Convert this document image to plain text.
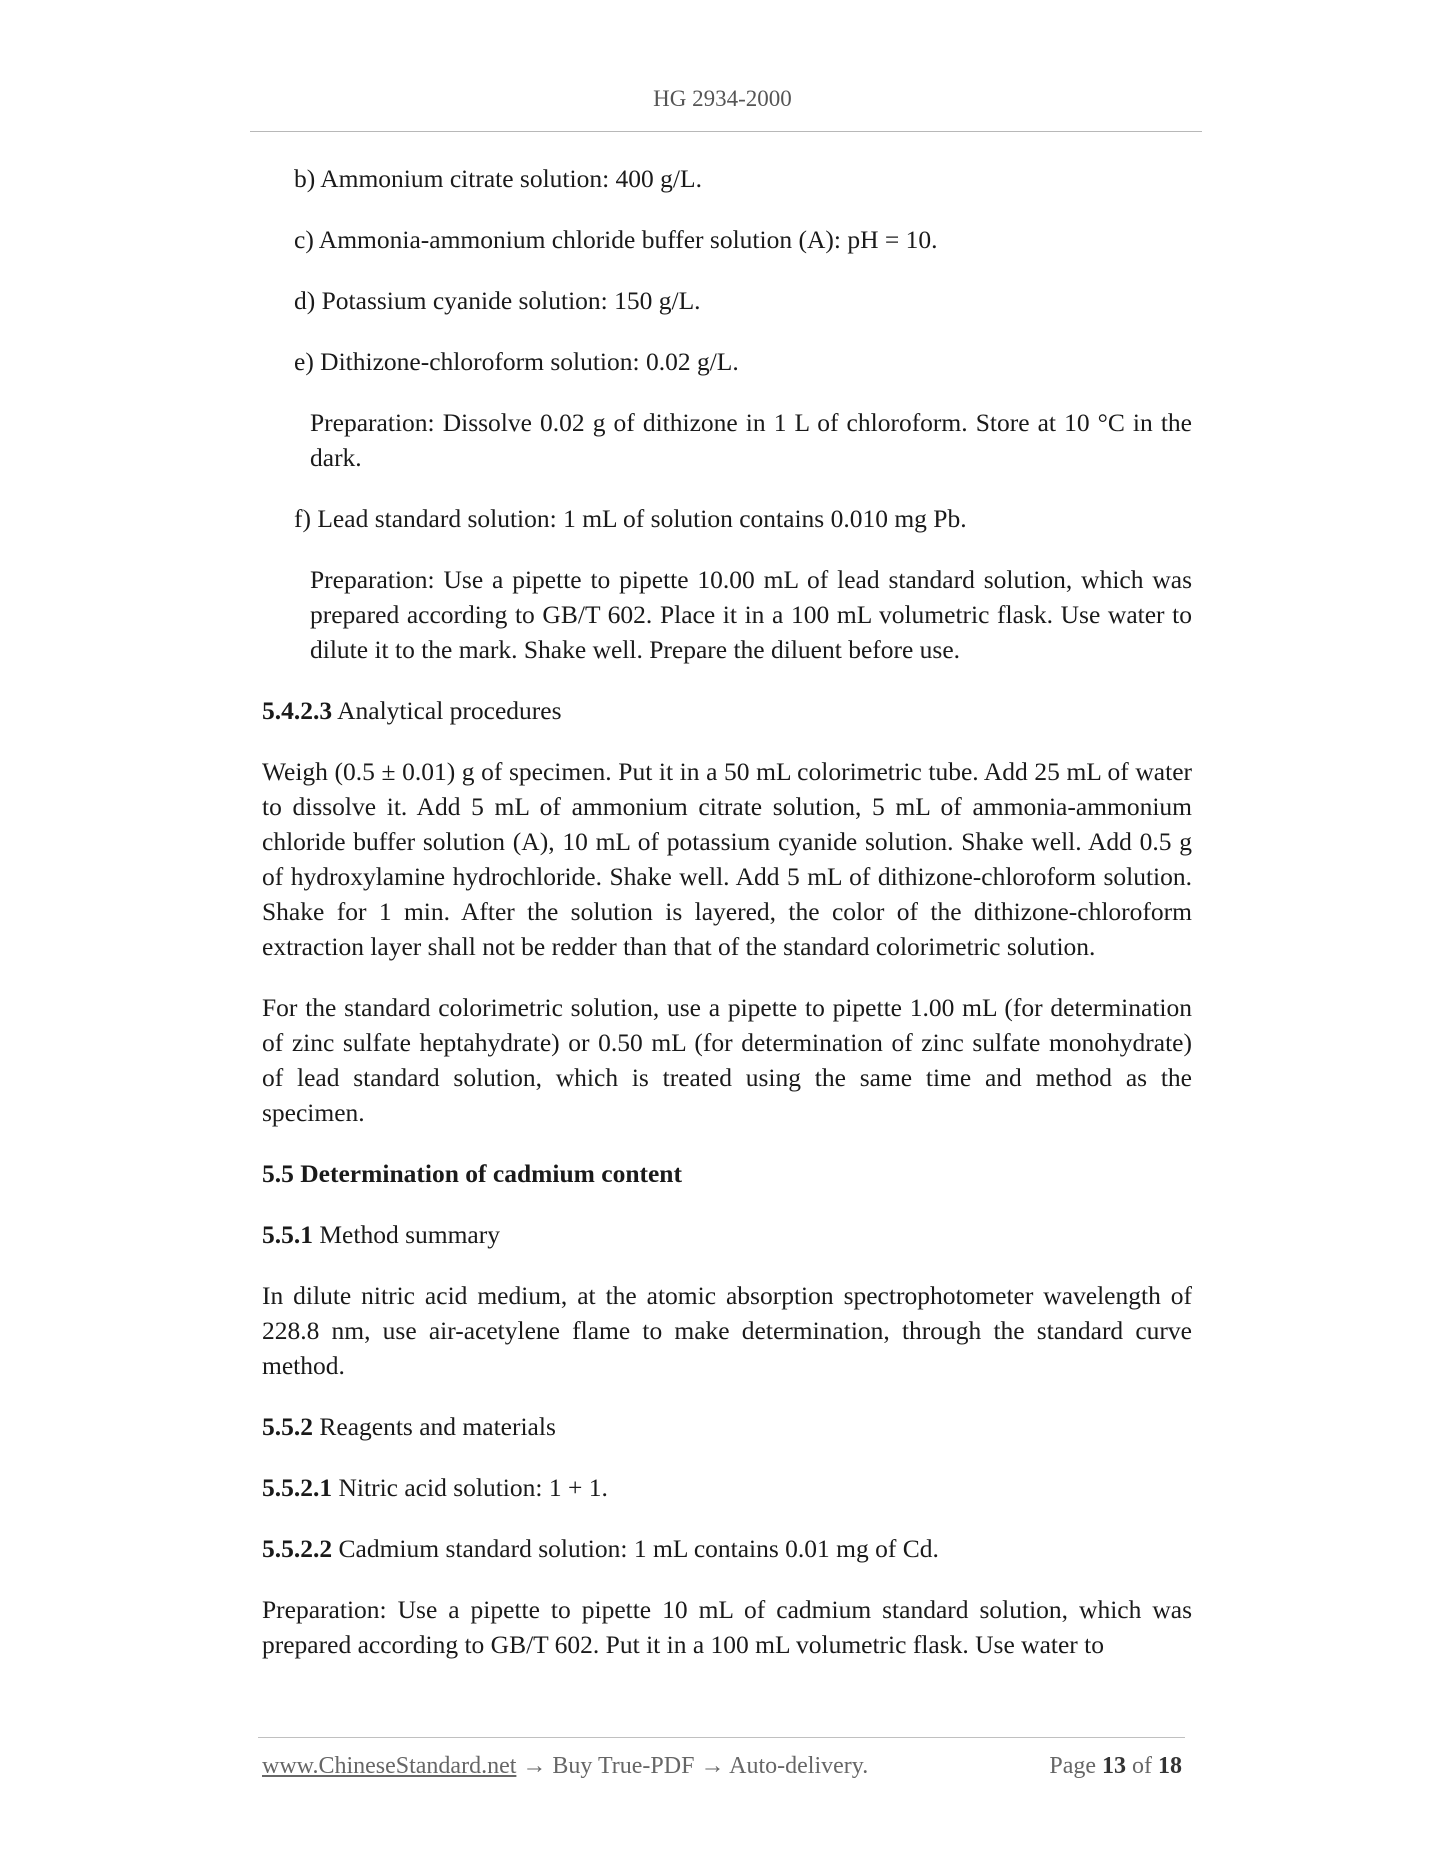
HG 2934-2000

b) Ammonium citrate solution: 400 g/L.

c) Ammonia-ammonium chloride buffer solution (A): pH = 10.

d) Potassium cyanide solution: 150 g/L.

e) Dithizone-chloroform solution: 0.02 g/L.

Preparation: Dissolve 0.02 g of dithizone in 1 L of chloroform. Store at 10 °C in the dark.

f) Lead standard solution: 1 mL of solution contains 0.010 mg Pb.

Preparation: Use a pipette to pipette 10.00 mL of lead standard solution, which was prepared according to GB/T 602. Place it in a 100 mL volumetric flask. Use water to dilute it to the mark. Shake well. Prepare the diluent before use.

5.4.2.3 Analytical procedures

Weigh (0.5 ± 0.01) g of specimen. Put it in a 50 mL colorimetric tube. Add 25 mL of water to dissolve it. Add 5 mL of ammonium citrate solution, 5 mL of ammonia-ammonium chloride buffer solution (A), 10 mL of potassium cyanide solution. Shake well. Add 0.5 g of hydroxylamine hydrochloride. Shake well. Add 5 mL of dithizone-chloroform solution. Shake for 1 min. After the solution is layered, the color of the dithizone-chloroform extraction layer shall not be redder than that of the standard colorimetric solution.

For the standard colorimetric solution, use a pipette to pipette 1.00 mL (for determination of zinc sulfate heptahydrate) or 0.50 mL (for determination of zinc sulfate monohydrate) of lead standard solution, which is treated using the same time and method as the specimen.

5.5 Determination of cadmium content

5.5.1 Method summary

In dilute nitric acid medium, at the atomic absorption spectrophotometer wavelength of 228.8 nm, use air-acetylene flame to make determination, through the standard curve method.

5.5.2 Reagents and materials

5.5.2.1 Nitric acid solution: 1 + 1.

5.5.2.2 Cadmium standard solution: 1 mL contains 0.01 mg of Cd.

Preparation: Use a pipette to pipette 10 mL of cadmium standard solution, which was prepared according to GB/T 602. Put it in a 100 mL volumetric flask. Use water to

www.ChineseStandard.net → Buy True-PDF → Auto-delivery.	Page 13 of 18
